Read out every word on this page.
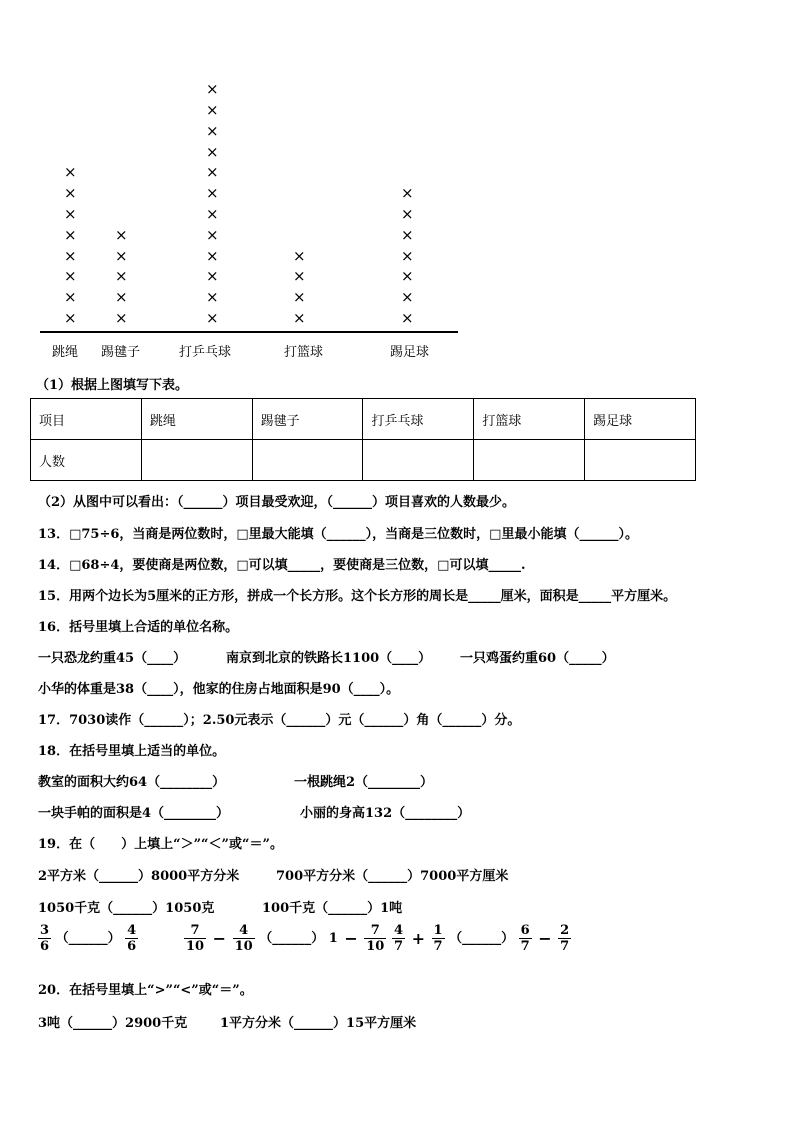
×
×
×
×
×
×
×
×
×
×
×
×
×
×
×
×
×
×
×
×
×
×
×
×
×
×
×
×
×
×
×
×
×
×
×
×
跳绳 踢毽子	打乒乓球	打篮球	踢足球
（1）根据上图填写下表。
项目	跳绳	踢毽子	打乒乓球	打篮球	踢足球
人数					
（2）从图中可以看出：（______）项目最受欢迎，（______）项目喜欢的人数最少。
13．□75÷6，当商是两位数时，□里最大能填（______），当商是三位数时，□里最小能填（______）。
14．□68÷4，要使商是两位数，□可以填_____，要使商是三位数，□可以填_____.
15．用两个边长为5厘米的正方形，拼成一个长方形。这个长方形的周长是_____厘米，面积是_____平方厘米。
16．括号里填上合适的单位名称。
一只恐龙约重45（____）	南京到北京的铁路长1100（____） 一只鸡蛋约重60（_____）
小华的体重是38（____），他家的住房占地面积是90（____）。
17．7030读作（______）；2.50元表示（______）元（______）角（______）分。
18．在括号里填上适当的单位。
教室的面积大约64（________）	一根跳绳2（________）
一块手帕的面积是4（________）	小丽的身高132（________）
19．在（　　）上填上“＞”“＜”或“＝”。
2平方米（______）8000平方分米	700平方分米（______）7000平方厘米
1050千克（______）1050克	100千克（______）1吨
$\frac{3}{6}$ （______） $\frac{4}{6}$	$\frac{7}{10} - \frac{4}{10}$ （______） $1 - \frac{7}{10} \frac{4}{7} + \frac{1}{7}$ （______） $\frac{6}{7} - \frac{2}{7}$
20．在括号里填上“>”“<”或“＝”。
3吨（______）2900千克	1平方分米（______）15平方厘米
